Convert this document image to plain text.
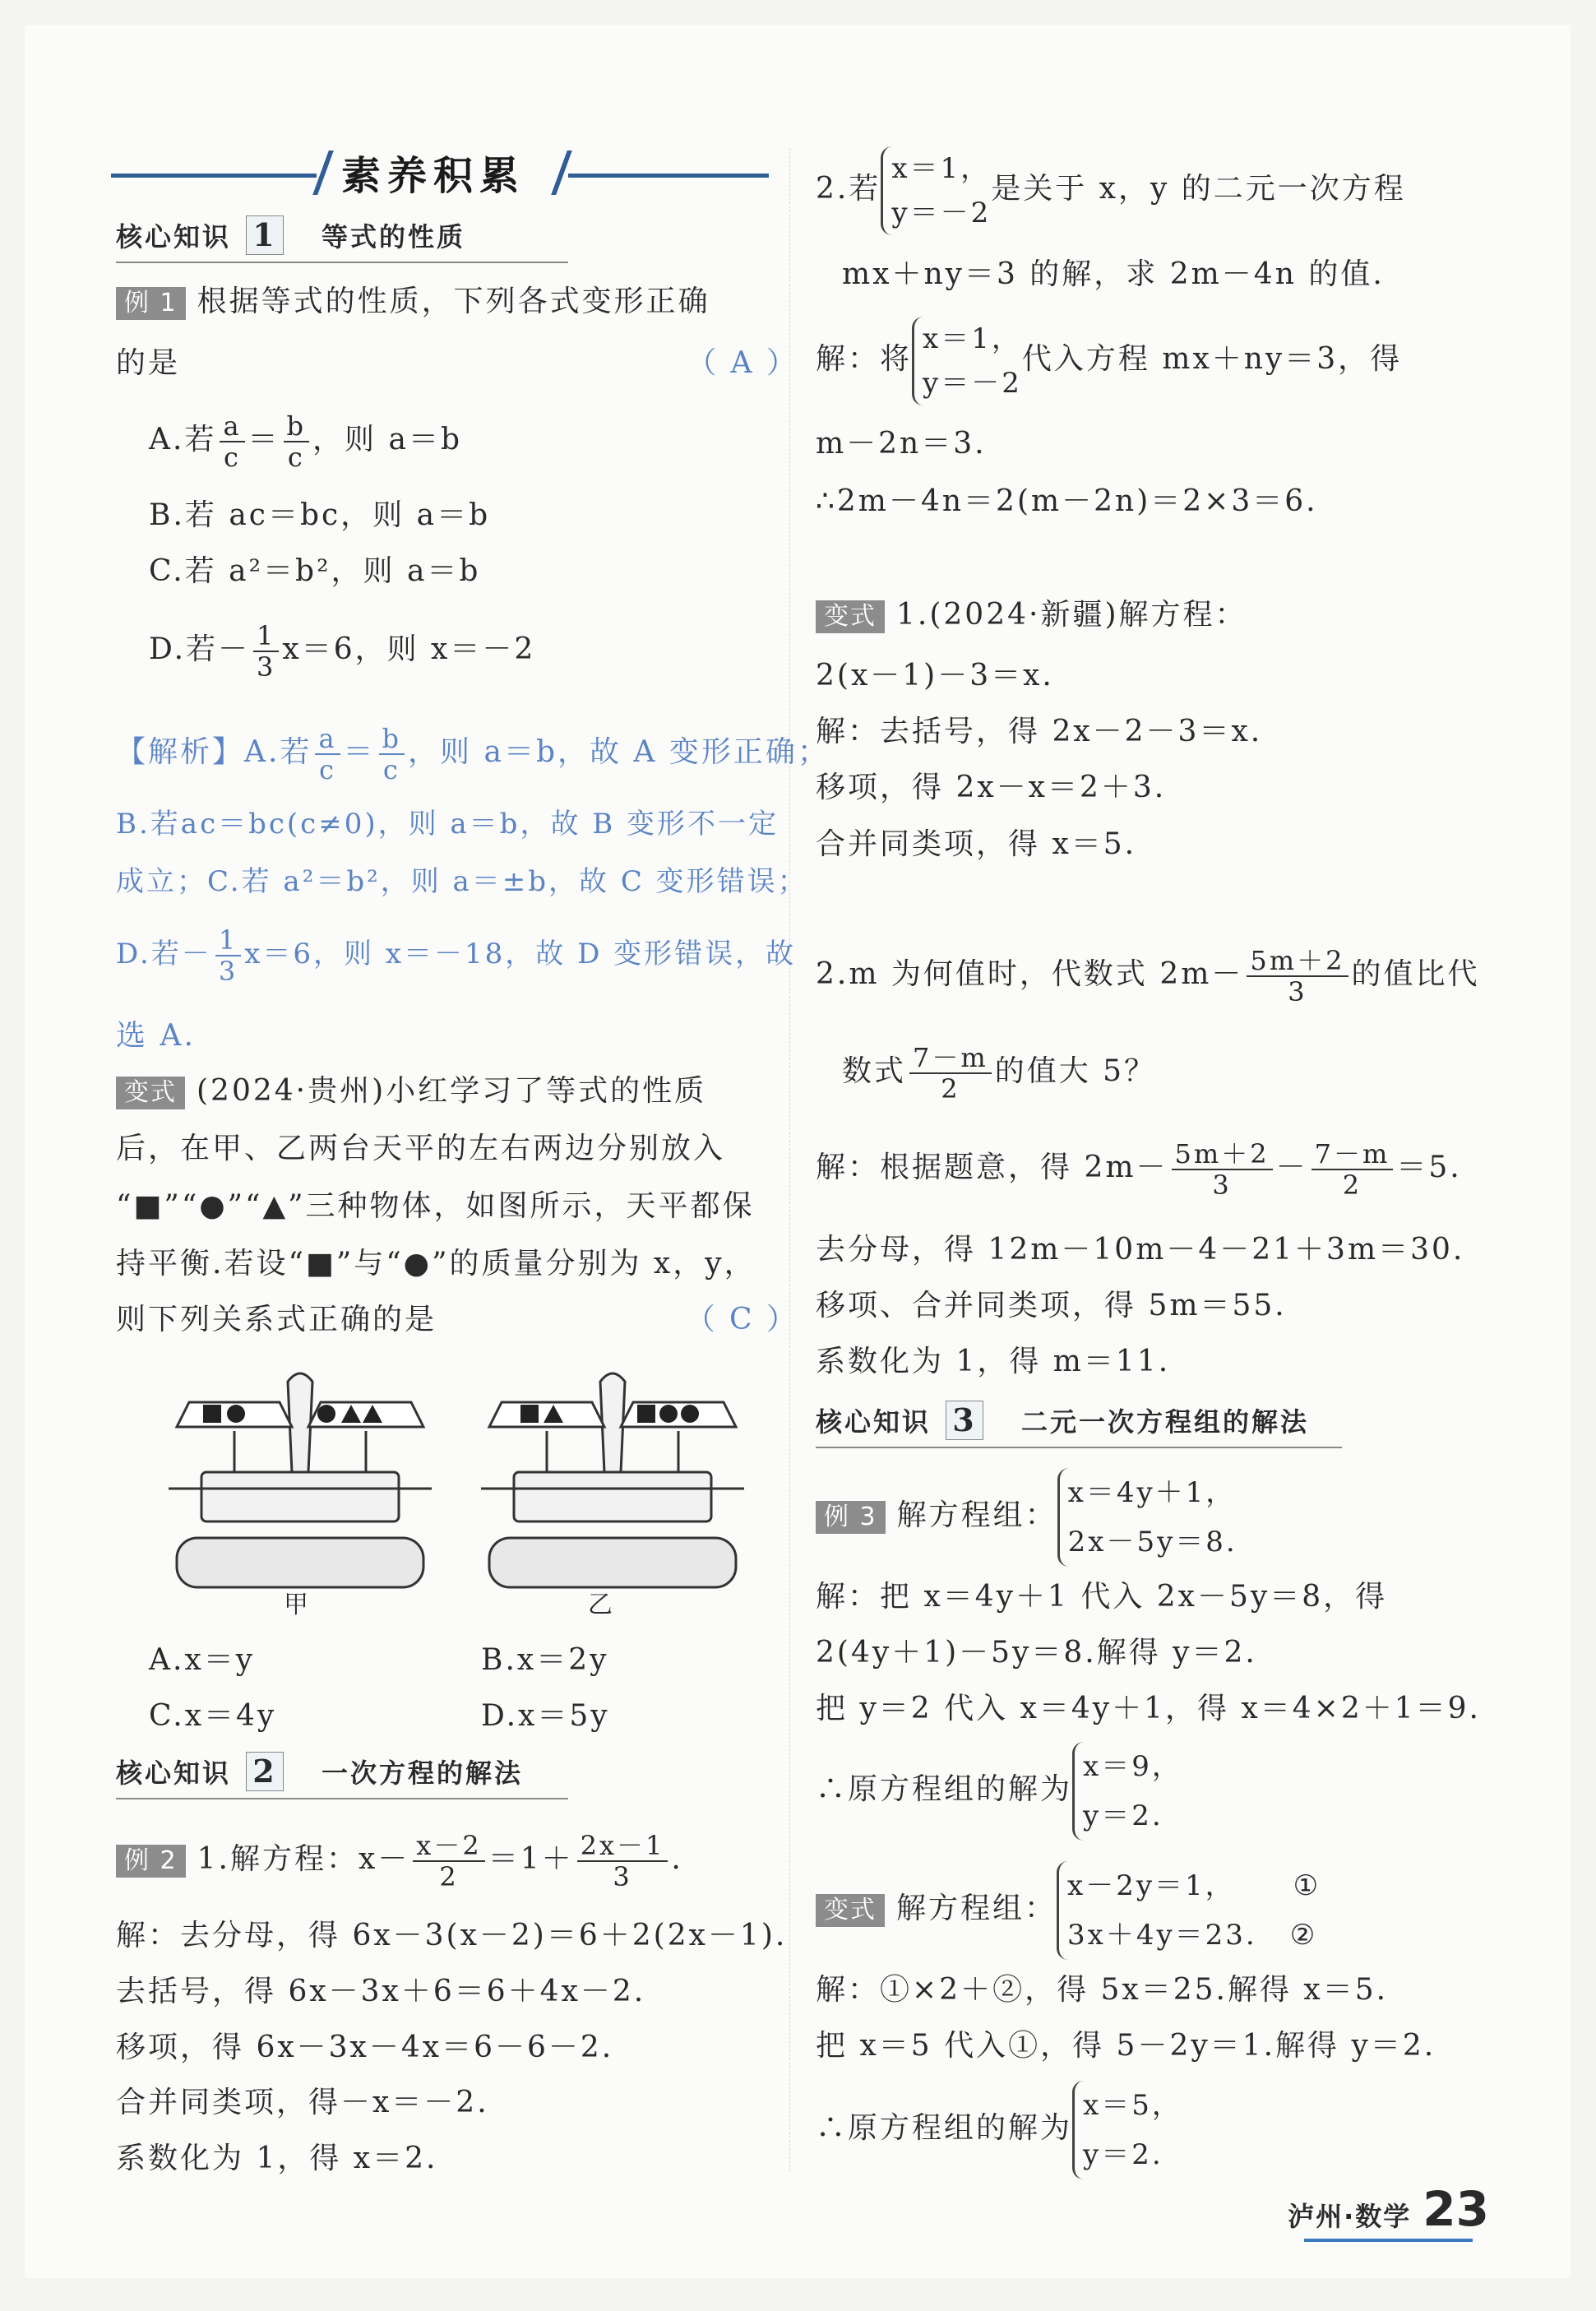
素养积累
核心知识 1 等式的性质
例 1 根据等式的性质，下列各式变形正确
的是	（ A ）
A.若 $\frac{a}{c} = \frac{b}{c}$ ，则 a＝b
B.若 ac＝bc，则 a＝b
C.若 a²＝b²，则 a＝b
D.若－ $\frac{1}{3} x=6$，则 x＝－2
【解析】A.若 $\frac{a}{c} = \frac{b}{c}$ ，则 a＝b，故 A 变形正确；
B.若ac＝bc(c≠0)，则 a＝b，故 B 变形不一定
成立；C.若 a²＝b²，则 a＝±b，故 C 变形错误；
D.若－ $\frac{1}{3} x=6$，则 x＝－18，故 D 变形错误，故
选 A.
变式 (2024·贵州)小红学习了等式的性质
后，在甲、乙两台天平的左右两边分别放入
“■”“●”“▲”三种物体，如图所示，天平都保
持平衡.若设“■”与“●”的质量分别为 x，y，
则下列关系式正确的是	（ C ）
甲	乙
A.x＝y	B.x＝2y
C.x＝4y	D.x＝5y
核心知识 2 一次方程的解法
例 2 1.解方程：$x- \frac{x-2}{2} =1+ \frac{2x-1}{3}$ .
解：去分母，得 6x－3(x－2)＝6＋2(2x－1).
去括号，得 6x－3x＋6＝6＋4x－2.
移项，得 6x－3x－4x＝6－6－2.
合并同类项，得－x＝－2.
系数化为 1，得 x＝2.
2.若
x＝1，
y＝－2
是关于 x，y 的二元一次方程
mx＋ny＝3 的解，求 2m－4n 的值.
解：将
x＝1，
y＝－2
代入方程 mx＋ny＝3，得
m－2n＝3.
∴2m－4n＝2(m－2n)＝2×3＝6.
变式 1.(2024·新疆)解方程：
2(x－1)－3＝x.
解：去括号，得 2x－2－3＝x.
移项，得 2x－x＝2＋3.
合并同类项，得 x＝5.
2.m 为何值时，代数式 $2m- \frac{5m+2}{3}$ 的值比代
数式 $\frac{7-m}{2}$ 的值大 5？
解：根据题意，得 $2m- \frac{5m+2}{3} - \frac{7-m}{2} =5$.
去分母，得 12m－10m－4－21＋3m＝30.
移项、合并同类项，得 5m＝55.
系数化为 1，得 m＝11.
核心知识 3 二元一次方程组的解法
例 3 解方程组：
x＝4y＋1，
2x－5y＝8.
解：把 x＝4y＋1 代入 2x－5y＝8，得
2(4y＋1)－5y＝8.解得 y＝2.
把 y＝2 代入 x＝4y＋1，得 x＝4×2＋1＝9.
∴原方程组的解为
x＝9，
y＝2.
变式 解方程组：
x－2y＝1， ①
3x＋4y＝23. ②
解：①×2＋②，得 5x＝25.解得 x＝5.
把 x＝5 代入①，得 5－2y＝1.解得 y＝2.
∴原方程组的解为
x＝5，
y＝2.
泸州·数学 23
